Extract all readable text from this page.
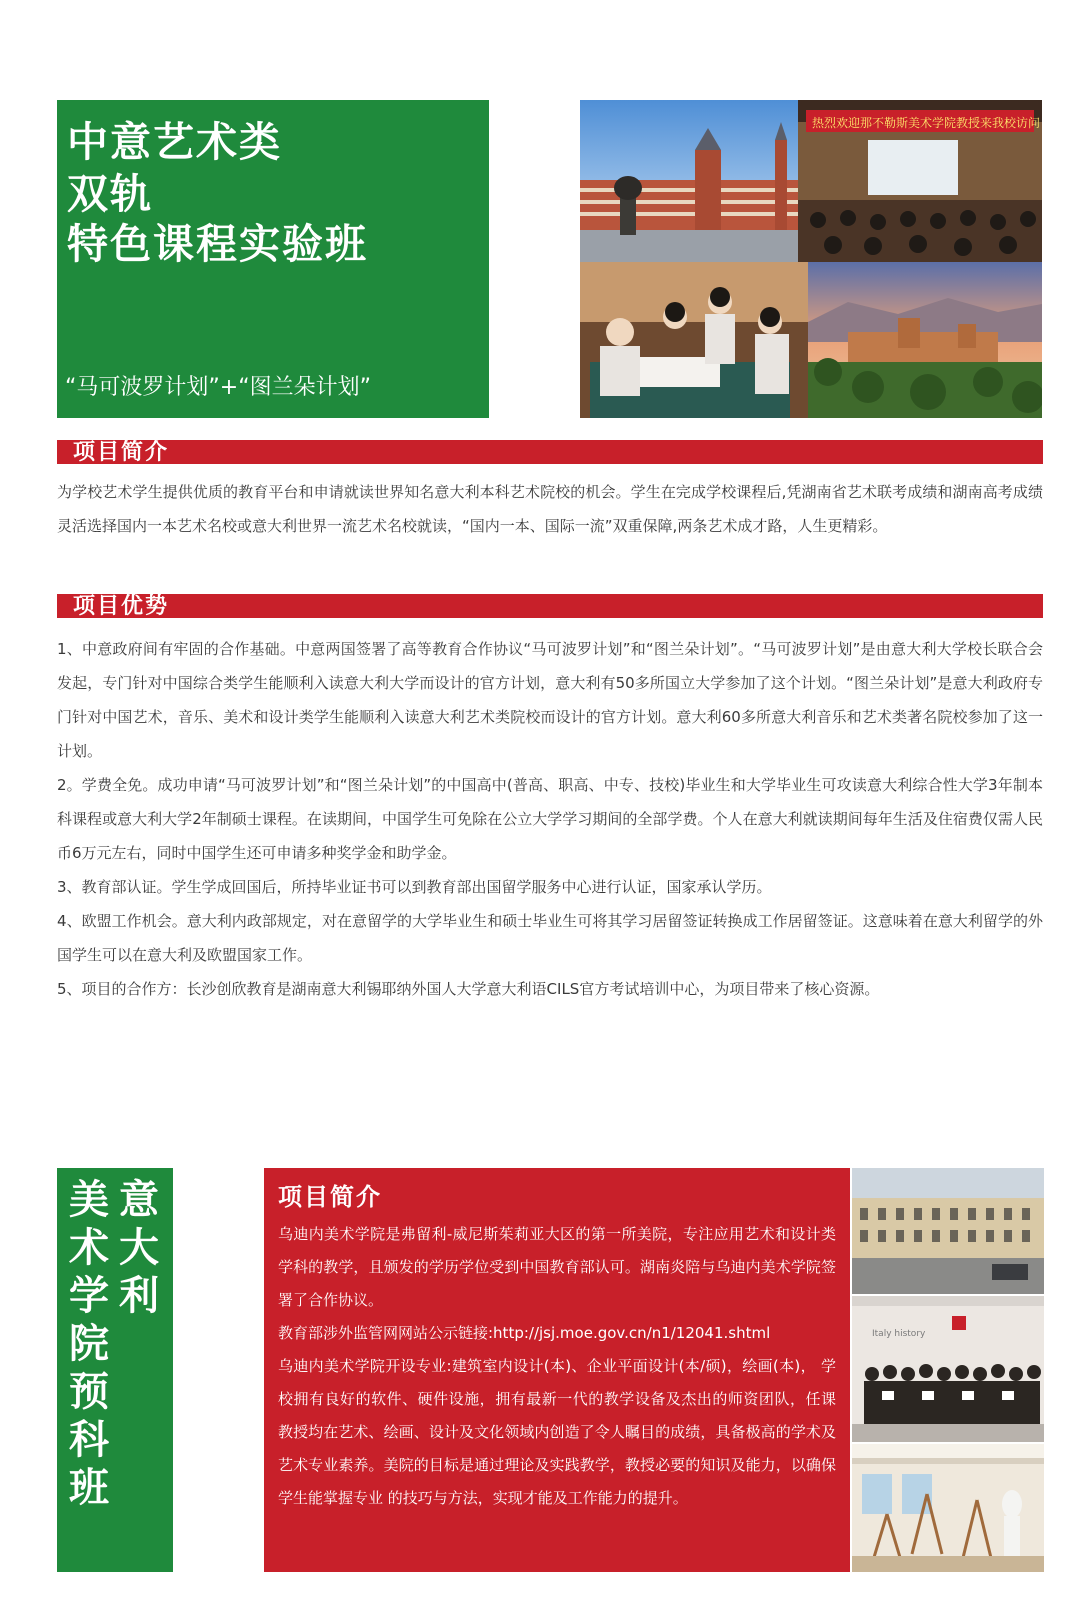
中意艺术类
双轨
特色课程实验班
“马可波罗计划”+“图兰朵计划”
热烈欢迎那不勒斯美术学院教授来我校访问
项目简介
为学校艺术学生提供优质的教育平台和申请就读世界知名意大利本科艺术院校的机会。学生在完成学校课程后,凭湖南省艺术联考成绩和湖南高考成绩灵活选择国内一本艺术名校或意大利世界一流艺术名校就读，“国内一本、国际一流”双重保障,两条艺术成才路，人生更精彩。
项目优势
1、中意政府间有牢固的合作基础。中意两国签署了高等教育合作协议“马可波罗计划”和“图兰朵计划”。“马可波罗计划”是由意大利大学校长联合会发起，专门针对中国综合类学生能顺利入读意大利大学而设计的官方计划，意大利有50多所国立大学参加了这个计划。“图兰朵计划”是意大利政府专门针对中国艺术，音乐、美术和设计类学生能顺利入读意大利艺术类院校而设计的官方计划。意大利60多所意大利音乐和艺术类著名院校参加了这一计划。
2。学费全免。成功申请“马可波罗计划”和“图兰朵计划”的中国高中(普高、职高、中专、技校)毕业生和大学毕业生可攻读意大利综合性大学3年制本科课程或意大利大学2年制硕士课程。在读期间，中国学生可免除在公立大学学习期间的全部学费。个人在意大利就读期间每年生活及住宿费仅需人民币6万元左右，同时中国学生还可申请多种奖学金和助学金。
3、教育部认证。学生学成回国后，所持毕业证书可以到教育部出国留学服务中心进行认证，国家承认学历。
4、欧盟工作机会。意大利内政部规定，对在意留学的大学毕业生和硕士毕业生可将其学习居留签证转换成工作居留签证。这意味着在意大利留学的外国学生可以在意大利及欧盟国家工作。
5、项目的合作方：长沙创欣教育是湖南意大利锡耶纳外国人大学意大利语CILS官方考试培训中心，为项目带来了核心资源。
美术学院预科班
意大利
项目简介

乌迪内美术学院是弗留利-威尼斯茱莉亚大区的第一所美院，专注应用艺术和设计类学科的教学，且颁发的学历学位受到中国教育部认可。湖南炎陪与乌迪内美术学院签署了合作协议。

教育部涉外监管网网站公示链接:http://jsj.moe.gov.cn/n1/12041.shtml

乌迪内美术学院开设专业:建筑室内设计(本)、企业平面设计(本/硕)，绘画(本)， 学校拥有良好的软件、硬件设施，拥有最新一代的教学设备及杰出的师资团队，任课 教授均在艺术、绘画、设计及文化领域内创造了令人瞩目的成绩，具备极高的学术及 艺术专业素养。美院的目标是通过理论及实践教学，教授必要的知识及能力，以确保学生能掌握专业 的技巧与方法，实现才能及工作能力的提升。

Italy history
